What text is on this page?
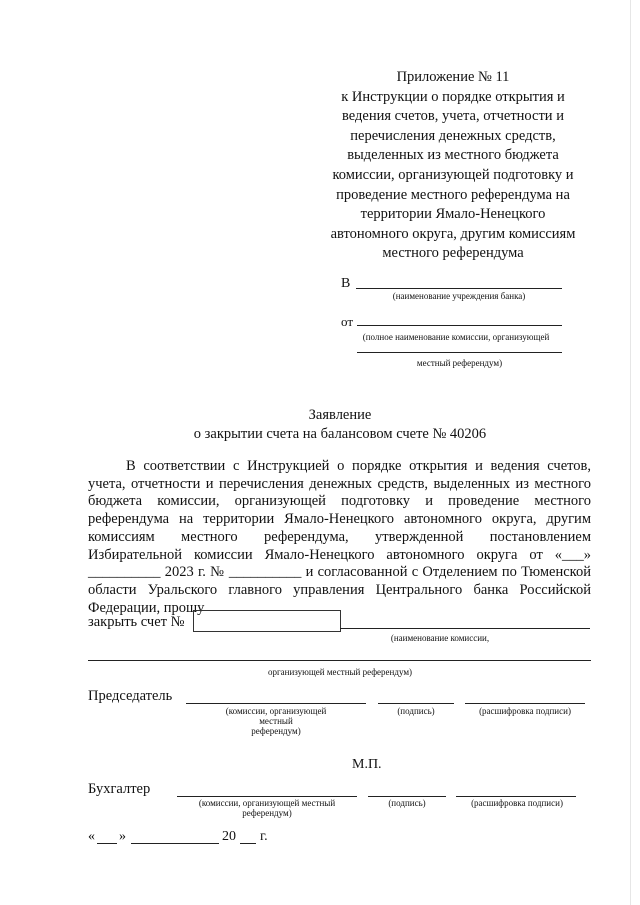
Приложение № 11
к Инструкции о порядке открытия и
ведения счетов, учета, отчетности и
перечисления денежных средств,
выделенных из местного бюджета
комиссии, организующей подготовку и
проведение местного референдума на
территории Ямало-Ненецкого
автономного округа, другим комиссиям
местного референдума
В
(наименование учреждения банка)
от
(полное наименование комиссии, организующей
местный референдум)
Заявление
о закрытии счета на балансовом счете № 40206

В соответствии с Инструкцией о порядке открытия и ведения счетов, учета, отчетности и перечисления денежных средств, выделенных из местного бюджета комиссии, организующей подготовку и проведение местного референдума на территории Ямало-Ненецкого автономного округа, другим комиссиям местного референдума, утвержденной постановлением Избирательной комиссии Ямало-Ненецкого автономного округа от «___» __________ 2023 г. № __________ и согласованной с Отделением по Тюменской области Уральского главного управления Центрального банка Российской Федерации, прошу

закрыть счет №
(наименование комиссии,
организующей местный референдум)
Председатель
(комиссии, организующей местный
референдум)
(подпись)	(расшифровка подписи)
М.П.
Бухгалтер
(комиссии, организующей местный
референдум)
(подпись)	(расшифровка подписи)
« »	20 г.
